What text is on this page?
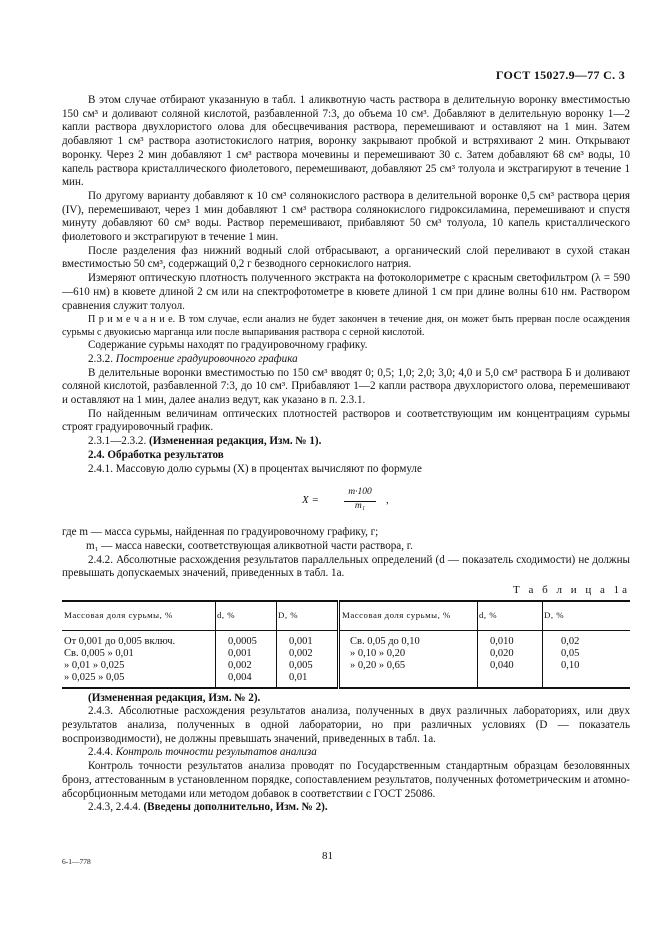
ГОСТ 15027.9—77 С. 3

В этом случае отбирают указанную в табл. 1 аликвотную часть раствора в делительную воронку вместимостью 150 см³ и доливают соляной кислотой, разбавленной 7:3, до объема 10 см³. Добавляют в делительную воронку 1—2 капли раствора двухлористого олова для обесцвечивания раствора, перемешивают и оставляют на 1 мин. Затем добавляют 1 см³ раствора азотистокислого натрия, воронку закрывают пробкой и встряхивают 2 мин. Открывают воронку. Через 2 мин добавляют 1 см³ раствора мочевины и перемешивают 30 с. Затем добавляют 68 см³ воды, 10 капель раствора кристаллического фиолетового, перемешивают, добавляют 25 см³ толуола и экстрагируют в течение 1 мин.

По другому варианту добавляют к 10 см³ солянокислого раствора в делительной воронке 0,5 см³ раствора церия (IV), перемешивают, через 1 мин добавляют 1 см³ раствора солянокислого гидроксиламина, перемешивают и спустя минуту добавляют 60 см³ воды. Раствор перемешивают, прибавляют 50 см³ толуола, 10 капель кристаллического фиолетового и экстрагируют в течение 1 мин.

После разделения фаз нижний водный слой отбрасывают, а органический слой переливают в сухой стакан вместимостью 50 см³, содержащий 0,2 г безводного сернокислого натрия.

Измеряют оптическую плотность полученного экстракта на фотоколориметре с красным светофильтром (λ = 590—610 нм) в кювете длиной 2 см или на спектрофотометре в кювете длиной 1 см при длине волны 610 нм. Раствором сравнения служит толуол.

П р и м е ч а н и е. В том случае, если анализ не будет закончен в течение дня, он может быть прерван после осаждения сурьмы с двуокисью марганца или после выпаривания раствора с серной кислотой.

Содержание сурьмы находят по градуировочному графику.

2.3.2. Построение градуировочного графика

В делительные воронки вместимостью по 150 см³ вводят 0; 0,5; 1,0; 2,0; 3,0; 4,0 и 5,0 см³ раствора Б и доливают соляной кислотой, разбавленной 7:3, до 10 см³. Прибавляют 1—2 капли раствора двухлористого олова, перемешивают и оставляют на 1 мин, далее анализ ведут, как указано в п. 2.3.1.

По найденным величинам оптических плотностей растворов и соответствующим им концентрациям сурьмы строят градуировочный график.

2.3.1—2.3.2. (Измененная редакция, Изм. № 1).

2.4. Обработка результатов

2.4.1. Массовую долю сурьмы (X) в процентах вычисляют по формуле

X =
m·100
m₁	,

где m — масса сурьмы, найденная по градуировочному графику, г;

m₁ — масса навески, соответствующая аликвотной части раствора, г.

2.4.2. Абсолютные расхождения результатов параллельных определений (d — показатель сходимости) не должны превышать допускаемых значений, приведенных в табл. 1а.

Т а б л и ц а 1а
Массовая доля сурьмы, %	d, %	D, %	Массовая доля сурьмы, %	d, %	D, %
От 0,001 до 0,005 включ.	0,0005	0,001	Св. 0,05 до 0,10	0,010	0,02
Св. 0,005 » 0,01	0,001	0,002	» 0,10 » 0,20	0,020	0,05
» 0,01 » 0,025	0,002	0,005	» 0,20 » 0,65	0,040	0,10
» 0,025 » 0,05	0,004	0,01			

(Измененная редакция, Изм. № 2).

2.4.3. Абсолютные расхождения результатов анализа, полученных в двух различных лабораториях, или двух результатов анализа, полученных в одной лаборатории, но при различных условиях (D — показатель воспроизводимости), не должны превышать значений, приведенных в табл. 1а.

2.4.4. Контроль точности результатов анализа

Контроль точности результатов анализа проводят по Государственным стандартным образцам безоловянных бронз, аттестованным в установленном порядке, сопоставлением результатов, полученных фотометрическим и атомно-абсорбционным методами или методом добавок в соответствии с ГОСТ 25086.

2.4.3, 2.4.4. (Введены дополнительно, Изм. № 2).

6-1—778	81
